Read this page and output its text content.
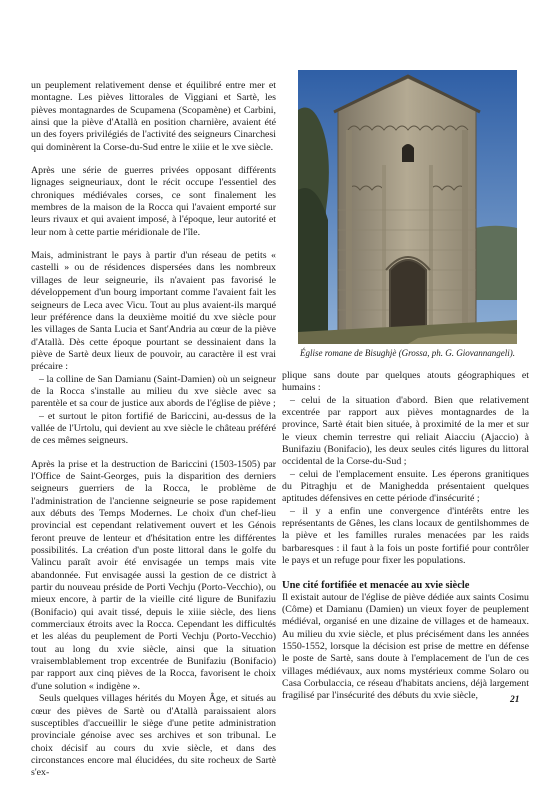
un peuplement relativement dense et équilibré entre mer et montagne. Les pièves littorales de Viggiani et Sartè, les pièves montagnardes de Scupamena (Scopamène) et Carbini, ainsi que la piève d'Atallà en position charnière, avaient été un des foyers privilégiés de l'activité des seigneurs Cinarchesi qui dominèrent la Corse-du-Sud entre le xiiie et le xve siècle.

Après une série de guerres privées opposant différents lignages seigneuriaux, dont le récit occupe l'essentiel des chroniques médiévales corses, ce sont finalement les membres de la maison de la Rocca qui l'avaient emporté sur leurs rivaux et qui avaient imposé, à l'époque, leur autorité et leur nom à cette partie méridionale de l'île.

Mais, administrant le pays à partir d'un réseau de petits « castelli » ou de résidences dispersées dans les nombreux villages de leur seigneurie, ils n'avaient pas favorisé le développement d'un bourg important comme l'avaient fait les seigneurs de Leca avec Vicu. Tout au plus avaient-ils marqué leur préférence dans la deuxième moitié du xve siècle pour les villages de Santa Lucia et Sant'Andria au cœur de la piève d'Atallà. Dès cette époque pourtant se dessinaient dans la piève de Sartè deux lieux de pouvoir, au caractère il est vrai précaire :

– la colline de San Damianu (Saint-Damien) où un seigneur de la Rocca s'installe au milieu du xve siècle avec sa parentèle et sa cour de justice aux abords de l'église de piève ;

– et surtout le piton fortifié de Bariccini, au-dessus de la vallée de l'Urtolu, qui devient au xve siècle le château préféré de ces mêmes seigneurs.

Après la prise et la destruction de Bariccini (1503-1505) par l'Office de Saint-Georges, puis la disparition des derniers seigneurs guerriers de la Rocca, le problème de l'administration de l'ancienne seigneurie se pose rapidement aux débuts des Temps Modernes. Le choix d'un chef-lieu provincial est cependant relativement ouvert et les Génois feront preuve de lenteur et d'hésitation entre les différentes possibilités. La création d'un poste littoral dans le golfe du Valincu paraît avoir été envisagée un temps mais vite abandonnée. Fut envisagée aussi la gestion de ce district à partir du nouveau préside de Porti Vechju (Porto-Vecchio), ou mieux encore, à partir de la vieille cité ligure de Bunifaziu (Bonifacio) qui avait tissé, depuis le xiiie siècle, des liens commerciaux étroits avec la Rocca. Cependant les difficultés et les aléas du peuplement de Porti Vechju (Porto-Vecchio) tout au long du xvie siècle, ainsi que la situation vraisemblablement trop excentrée de Bunifaziu (Bonifacio) par rapport aux cinq pièves de la Rocca, favorisent le choix d'une solution « indigène ».

Seuls quelques villages hérités du Moyen Âge, et situés au cœur des pièves de Sartè ou d'Atallà paraissaient alors susceptibles d'accueillir le siège d'une petite administration provinciale génoise avec ses archives et son tribunal. Le choix décisif au cours du xvie siècle, et dans des circonstances encore mal élucidées, du site rocheux de Sartè s'ex-

Église romane de Bisughjè (Grossa, ph. G. Giovannangeli).

plique sans doute par quelques atouts géographiques et humains :

– celui de la situation d'abord. Bien que relativement excentrée par rapport aux pièves montagnardes de la province, Sartè était bien située, à proximité de la mer et sur le vieux chemin terrestre qui reliait Aiacciu (Ajaccio) à Bunifaziu (Bonifacio), les deux seules cités ligures du littoral occidental de la Corse-du-Sud ;

– celui de l'emplacement ensuite. Les éperons granitiques du Pitraghju et de Manighedda présentaient quelques aptitudes défensives en cette période d'insécurité ;

– il y a enfin une convergence d'intérêts entre les représentants de Gênes, les clans locaux de gentilshommes de la piève et les familles rurales menacées par les raids barbaresques : il faut à la fois un poste fortifié pour contrôler le pays et un refuge pour fixer les populations.

Une cité fortifiée et menacée au xvie siècle

Il existait autour de l'église de piève dédiée aux saints Cosimu (Côme) et Damianu (Damien) un vieux foyer de peuplement médiéval, organisé en une dizaine de villages et de hameaux. Au milieu du xvie siècle, et plus précisément dans les années 1550-1552, lorsque la décision est prise de mettre en défense le poste de Sartè, sans doute à l'emplacement de l'un de ces villages médiévaux, aux noms mystérieux comme Solaro ou Casa Corbulaccia, ce réseau d'habitats anciens, déjà largement fragilisé par l'insécurité des débuts du xvie siècle,	21
